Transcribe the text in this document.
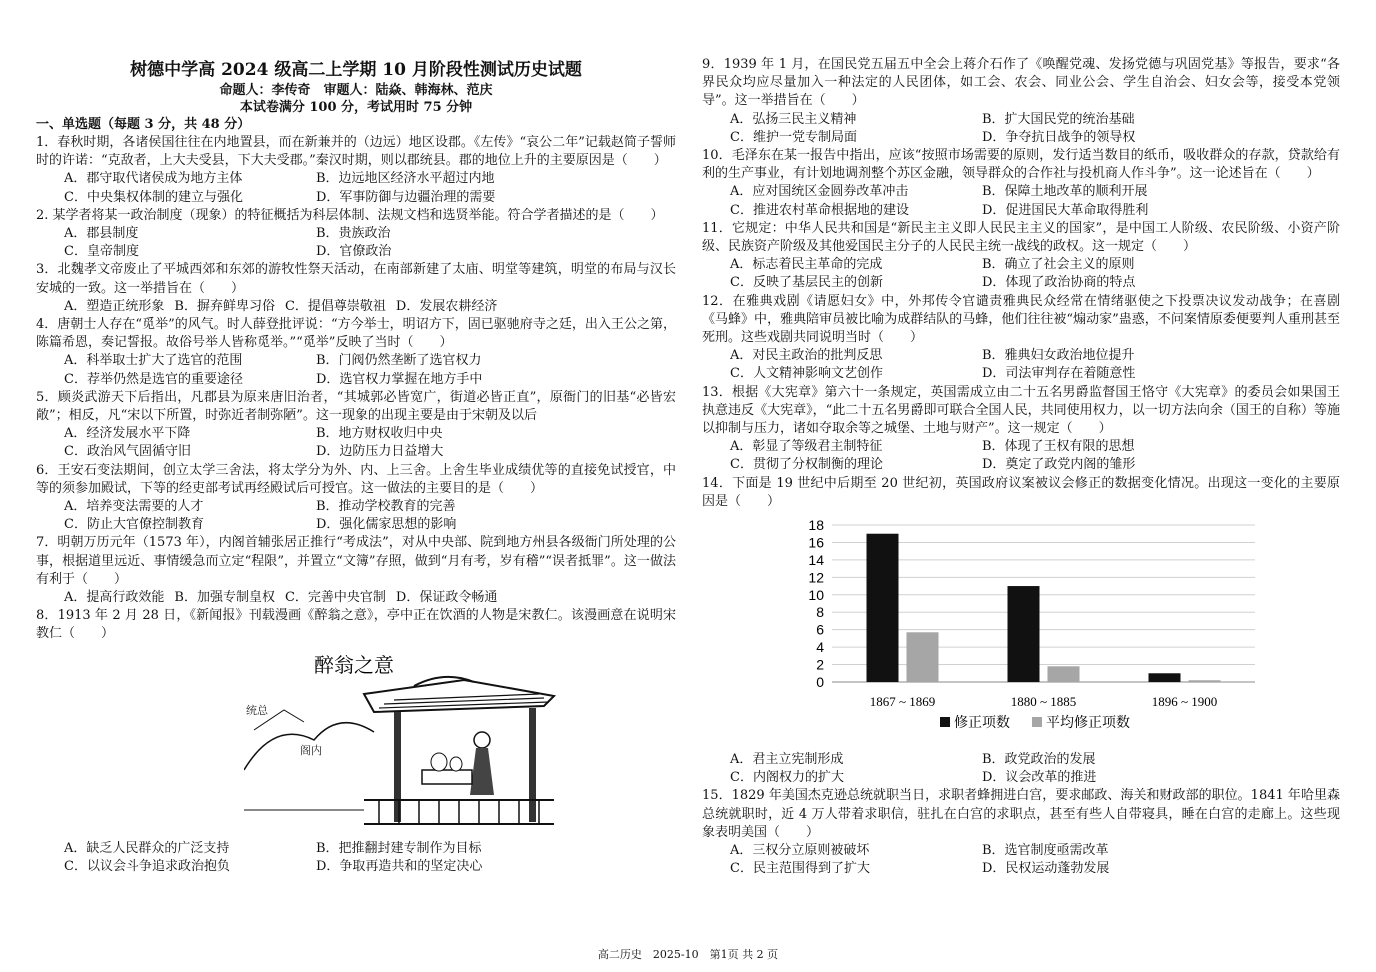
树德中学高 2024 级高二上学期 10 月阶段性测试历史试题
命题人：李传奇　审题人：陆焱、韩海林、范庆
本试卷满分 100 分，考试用时 75 分钟
一、单选题（每题 3 分，共 48 分）
1．春秋时期，各诸侯国往往在内地置县，而在新兼并的（边远）地区设郡。《左传》“哀公二年”记载赵简子誓师时的许诺：“克敌者，上大夫受县，下大夫受郡。”秦汉时期，则以郡统县。郡的地位上升的主要原因是（　　）
A．郡守取代诸侯成为地方主体	B．边远地区经济水平超过内地
C．中央集权体制的建立与强化	D．军事防御与边疆治理的需要
2. 某学者将某一政治制度（现象）的特征概括为科层体制、法规文档和选贤举能。符合学者描述的是（　　）
A．郡县制度	B．贵族政治
C．皇帝制度	D．官僚政治
3．北魏孝文帝废止了平城西郊和东郊的游牧性祭天活动，在南部新建了太庙、明堂等建筑，明堂的布局与汉长安城的一致。这一举措旨在（　　）
A．塑造正统形象 B．摒弃鲜卑习俗 C．提倡尊崇敬祖 D．发展农耕经济
4．唐朝士人存在“觅举”的风气。时人薛登批评说：“方今举士，明诏方下，固已驱驰府寺之廷，出入王公之第，陈篇希恩，奏记誓报。故俗号举人皆称觅举。”“觅举”反映了当时（　　）
A．科举取士扩大了选官的范围	B．门阀仍然垄断了选官权力
C．荐举仍然是选官的重要途径	D．选官权力掌握在地方手中
5．顾炎武游天下后指出，凡郡县为原来唐旧治者，“其城郭必皆宽广，街道必皆正直”，原衙门的旧基“必皆宏敞”；相反，凡“宋以下所置，时弥近者制弥陋”。这一现象的出现主要是由于宋朝及以后
A．经济发展水平下降	B．地方财权收归中央
C．政治风气固循守旧	D．边防压力日益增大
6．王安石变法期间，创立太学三舍法，将太学分为外、内、上三舍。上舍生毕业成绩优等的直接免试授官，中等的须参加殿试，下等的经吏部考试再经殿试后可授官。这一做法的主要目的是（　　）
A．培养变法需要的人才	B．推动学校教育的完善
C．防止大官僚控制教育	D．强化儒家思想的影响
7．明朝万历元年（1573 年），内阁首辅张居正推行“考成法”，对从中央部、院到地方州县各级衙门所处理的公事，根据道里远近、事情缓急而立定“程限”，并置立“文簿”存照，做到“月有考，岁有稽”“误者抵罪”。这一做法有利于（　　）
A．提高行政效能 B．加强专制皇权 C．完善中央官制 D．保证政令畅通
8．1913 年 2 月 28 日，《新闻报》刊载漫画《醉翁之意》，亭中正在饮酒的人物是宋教仁。该漫画意在说明宋教仁（　　）
醉翁之意
统总
阁内
A．缺乏人民群众的广泛支持	B．把推翻封建专制作为目标
C．以议会斗争追求政治抱负	D．争取再造共和的坚定决心
9．1939 年 1 月，在国民党五届五中全会上蒋介石作了《唤醒党魂、发扬党德与巩固党基》等报告，要求“各界民众均应尽量加入一种法定的人民团体，如工会、农会、同业公会、学生自治会、妇女会等，接受本党领导”。这一举措旨在（　　）
A．弘扬三民主义精神	B．扩大国民党的统治基础
C．维护一党专制局面	D．争夺抗日战争的领导权
10．毛泽东在某一报告中指出，应该“按照市场需要的原则，发行适当数目的纸币，吸收群众的存款，贷款给有利的生产事业，有计划地调剂整个苏区金融，领导群众的合作社与投机商人作斗争”。这一论述旨在（　　）
A．应对国统区金圆券改革冲击	B．保障土地改革的顺利开展
C．推进农村革命根据地的建设	D．促进国民大革命取得胜利
11．它规定：中华人民共和国是“新民主主义即人民民主主义的国家”，是中国工人阶级、农民阶级、小资产阶级、民族资产阶级及其他爱国民主分子的人民民主统一战线的政权。这一规定（　　）
A．标志着民主革命的完成	B．确立了社会主义的原则
C．反映了基层民主的创新	D．体现了政治协商的特点
12．在雅典戏剧《请愿妇女》中，外邦传令官谴责雅典民众经常在情绪驱使之下投票决议发动战争；在喜剧《马蜂》中，雅典陪审员被比喻为成群结队的马蜂，他们往往被“煽动家”蛊惑，不问案情原委便要判人重刑甚至死刑。这些戏剧共同说明当时（　　）
A．对民主政治的批判反思	B．雅典妇女政治地位提升
C．人文精神影响文艺创作	D．司法审判存在着随意性
13．根据《大宪章》第六十一条规定，英国需成立由二十五名男爵监督国王恪守《大宪章》的委员会如果国王执意违反《大宪章》，“此二十五名男爵即可联合全国人民，共同使用权力，以一切方法向余（国王的自称）等施以抑制与压力，诸如夺取余等之城堡、土地与财产”。这一规定（　　）
A．彰显了等级君主制特征	B．体现了王权有限的思想
C．贯彻了分权制衡的理论	D．奠定了政党内阁的雏形
14．下面是 19 世纪中后期至 20 世纪初，英国政府议案被议会修正的数据变化情况。出现这一变化的主要原因是（　　）
0
2
4
6
8
10
12
14
16
18
1867 ~ 1869	1880 ~ 1885	1896 ~ 1900
修正项数	平均修正项数
A．君主立宪制形成	B．政党政治的发展
C．内阁权力的扩大	D．议会改革的推进
15．1829 年美国杰克逊总统就职当日，求职者蜂拥进白宫，要求邮政、海关和财政部的职位。1841 年哈里森总统就职时，近 4 万人带着求职信，驻扎在白宫的求职点，甚至有些人自带寝具，睡在白宫的走廊上。这些现象表明美国（　　）
A．三权分立原则被破坏	B．选官制度亟需改革
C．民主范围得到了扩大	D．民权运动蓬勃发展
高二历史　2025-10　第1页 共 2 页
